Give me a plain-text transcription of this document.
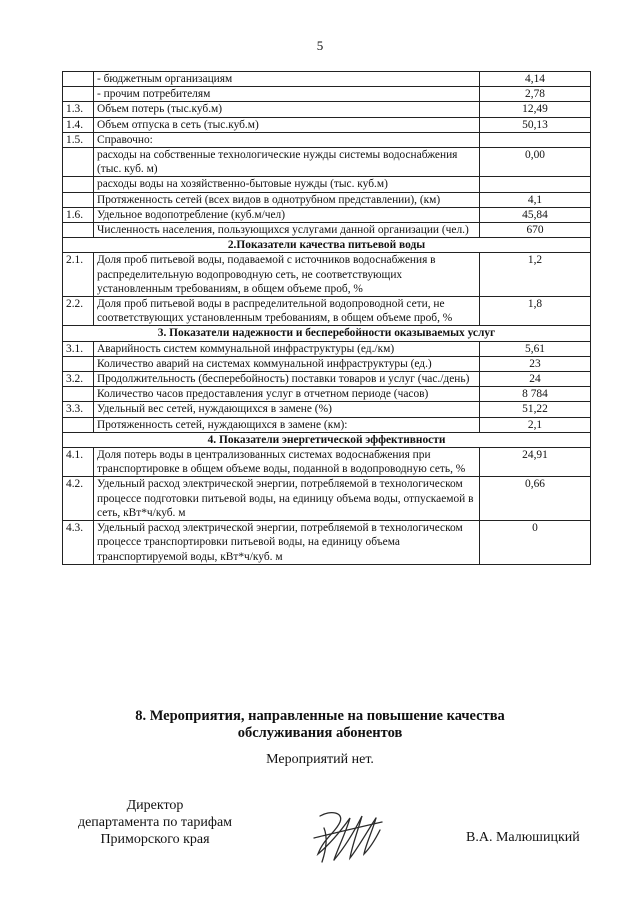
5
	- бюджетным организациям	4,14
	- прочим потребителям	2,78
1.3.	Объем потерь (тыс.куб.м)	12,49
1.4.	Объем отпуска в сеть (тыс.куб.м)	50,13
1.5.	Справочно:	
	расходы на собственные технологические нужды системы водоснабжения (тыс. куб. м)	0,00
	расходы воды на хозяйственно-бытовые нужды (тыс. куб.м)	
	Протяженность сетей (всех видов в однотрубном представлении), (км)	4,1
1.6.	Удельное водопотребление (куб.м/чел)	45,84
	Численность населения, пользующихся услугами данной организации (чел.)	670
2.Показатели качества питьевой воды		
2.1.	Доля проб питьевой воды, подаваемой с источников водоснабжения в распределительную водопроводную сеть, не соответствующих установленным требованиям, в общем объеме проб, %	1,2
2.2.	Доля проб питьевой воды в распределительной водопроводной сети, не соответствующих установленным требованиям, в общем объеме проб, %	1,8
3. Показатели надежности и бесперебойности оказываемых услуг		
3.1.	Аварийность систем коммунальной инфраструктуры (ед./км)	5,61
	Количество аварий на системах коммунальной инфраструктуры (ед.)	23
3.2.	Продолжительность (бесперебойность) поставки товаров и услуг (час./день)	24
	Количество часов предоставления услуг в отчетном периоде (часов)	8 784
3.3.	Удельный вес сетей, нуждающихся в замене (%)	51,22
	Протяженность сетей, нуждающихся в замене (км):	2,1
4. Показатели энергетической эффективности		
4.1.	Доля потерь воды в централизованных системах водоснабжения при транспортировке в общем объеме воды, поданной в водопроводную сеть, %	24,91
4.2.	Удельный расход электрической энергии, потребляемой в технологическом процессе подготовки питьевой воды, на единицу объема воды, отпускаемой в сеть, кВт*ч/куб. м	0,66
4.3.	Удельный расход электрической энергии, потребляемой в технологическом процессе транспортировки питьевой воды, на единицу объема транспортируемой воды, кВт*ч/куб. м	0
8. Мероприятия, направленные на повышение качества
обслуживания абонентов
Мероприятий нет.
Директор
департамента по тарифам
Приморского края	В.А. Малюшицкий
